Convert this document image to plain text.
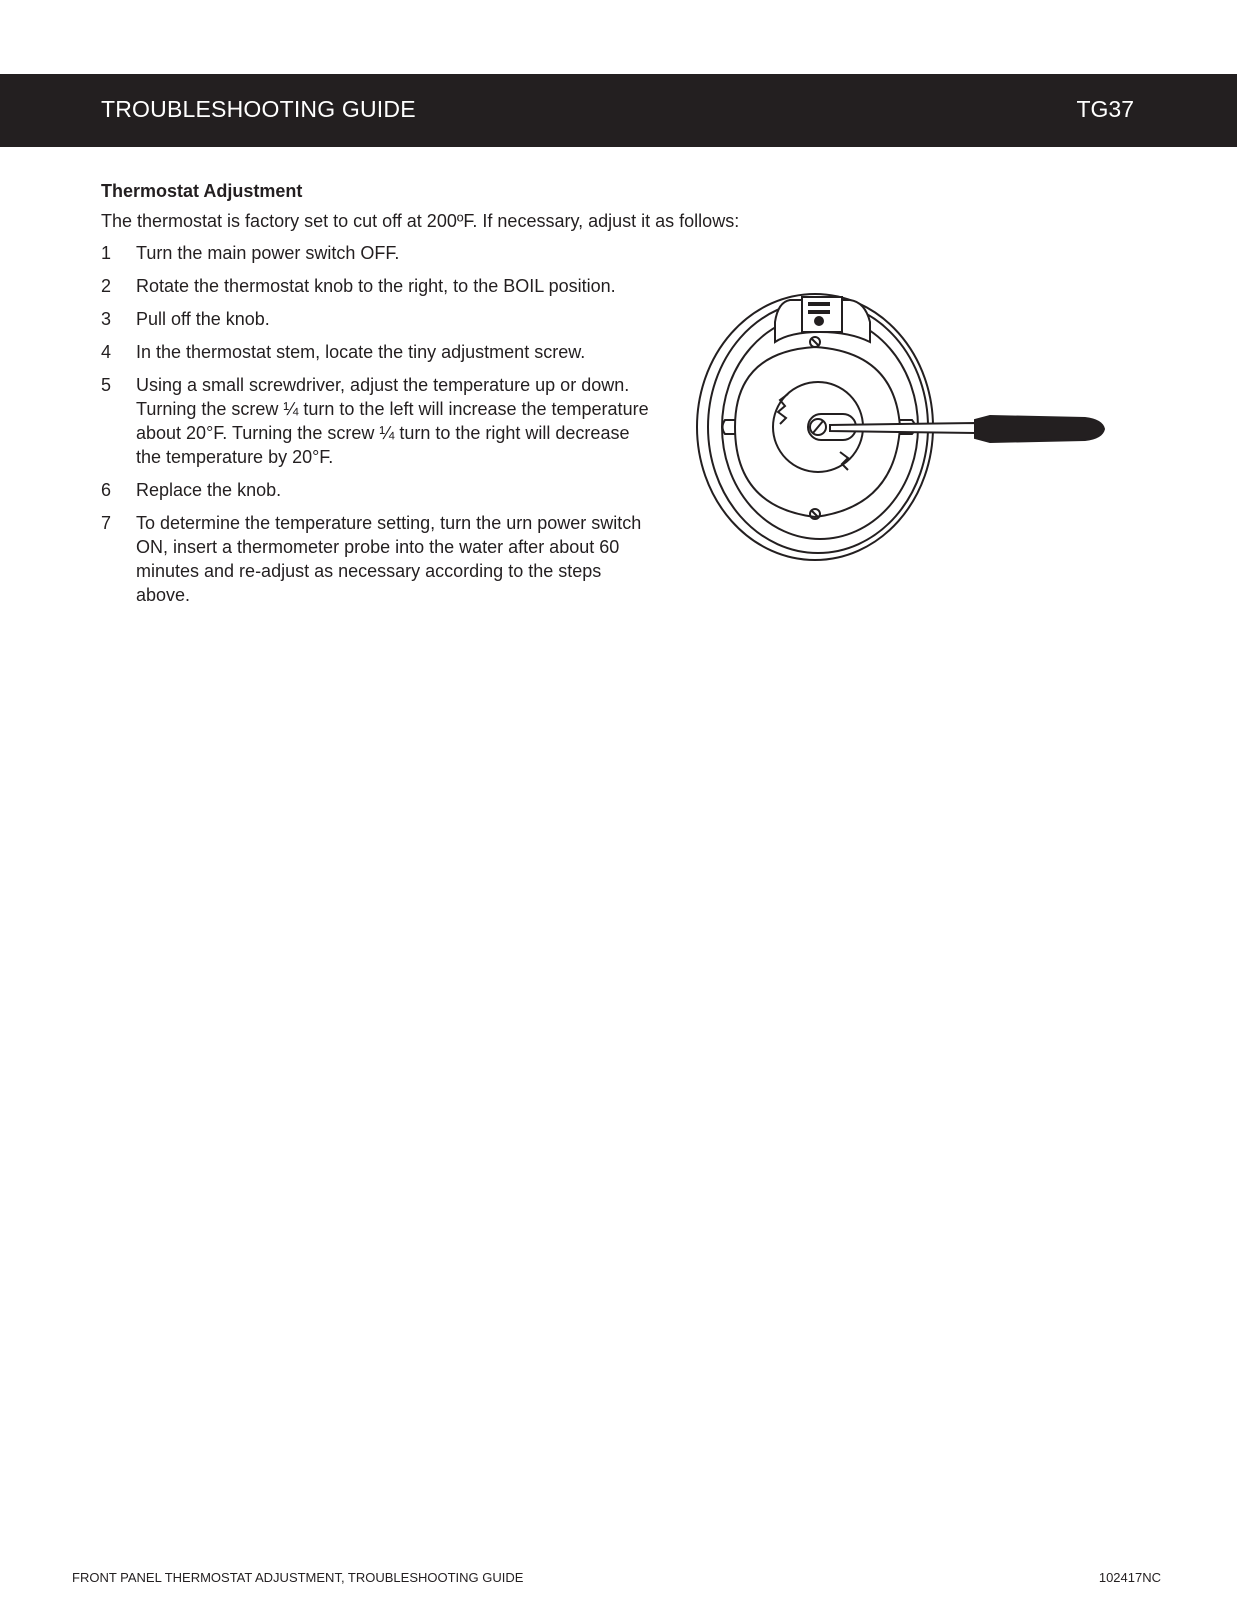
TROUBLESHOOTING GUIDE	TG37
Thermostat Adjustment
The thermostat is factory set to cut off at 200ºF. If necessary, adjust it as follows:
1 Turn the main power switch OFF.
2 Rotate the thermostat knob to the right, to the BOIL position.
3 Pull off the knob.
4 In the thermostat stem, locate the tiny adjustment screw.
5 Using a small screwdriver, adjust the temperature up or down. Turning the screw ¼ turn to the left will increase the temperature about 20°F. Turning the screw ¼ turn to the right will decrease the temperature by 20°F.
6 Replace the knob.
7 To determine the temperature setting, turn the urn power switch ON, insert a thermometer probe into the water after about 60 minutes and re-adjust as necessary according to the steps above.
FRONT PANEL THERMOSTAT ADJUSTMENT, TROUBLESHOOTING GUIDE	102417NC
